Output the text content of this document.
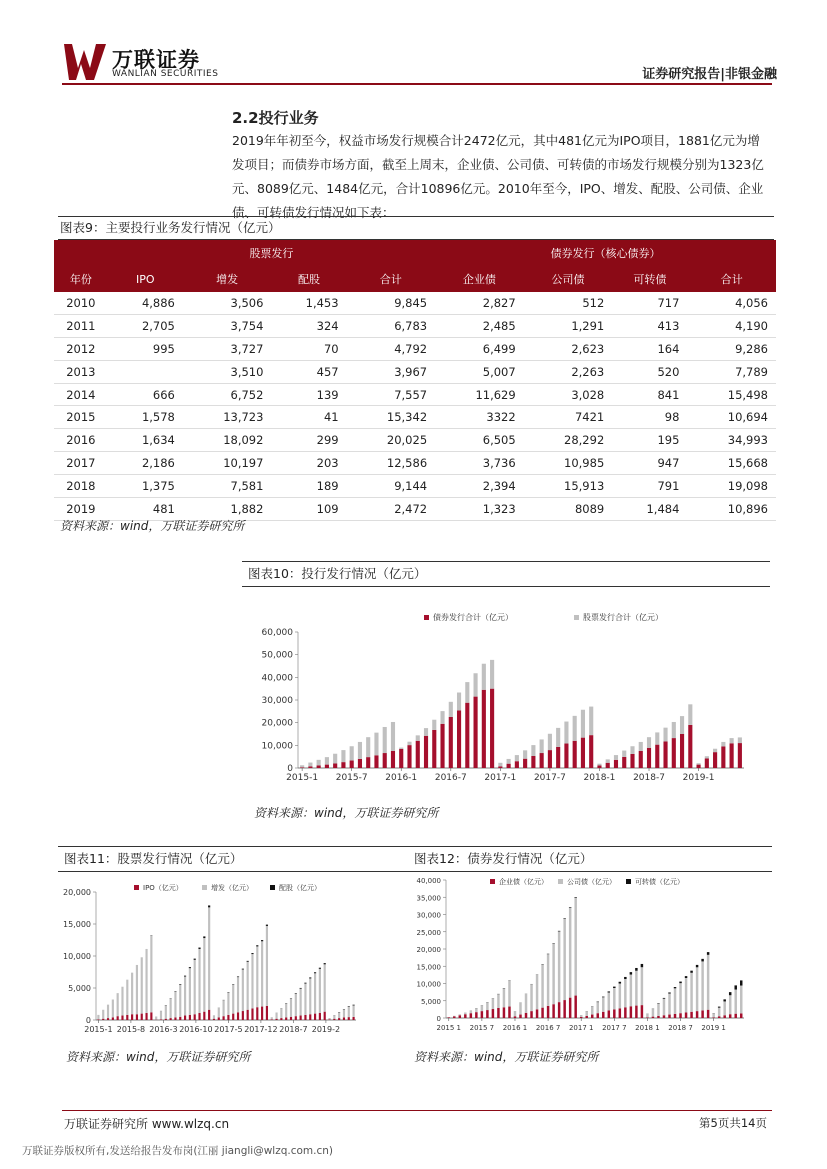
万联证券
WANLIAN SECURITIES	证券研究报告|非银金融
2.2投行业务
2019年年初至今，权益市场发行规模合计2472亿元，其中481亿元为IPO项目，1881亿元为增发项目；而债券市场方面，截至上周末，企业债、公司债、可转债的市场发行规模分别为1323亿元、8089亿元、1484亿元，合计10896亿元。2010年至今，IPO、增发、配股、公司债、企业债、可转债发行情况如下表：
图表9：主要投行业务发行情况（亿元）
	股票发行				债券发行（核心债券）			
年份	IPO	增发	配股	合计	企业债	公司债	可转债	合计
2010	4,886	3,506	1,453	9,845	2,827	512	717	4,056
2011	2,705	3,754	324	6,783	2,485	1,291	413	4,190
2012	995	3,727	70	4,792	6,499	2,623	164	9,286
2013		3,510	457	3,967	5,007	2,263	520	7,789
2014	666	6,752	139	7,557	11,629	3,028	841	15,498
2015	1,578	13,723	41	15,342	3322	7421	98	10,694
2016	1,634	18,092	299	20,025	6,505	28,292	195	34,993
2017	2,186	10,197	203	12,586	3,736	10,985	947	15,668
2018	1,375	7,581	189	9,144	2,394	15,913	791	19,098
2019	481	1,882	109	2,472	1,323	8089	1,484	10,896
资料来源：wind，万联证券研究所
图表10：投行发行情况（亿元）
0
10,000
20,000
30,000
40,000
50,000
60,000
2015-1 2015-7 2016-1 2016-7 2017-1 2017-7 2018-1 2018-7 2019-1
债券发行合计（亿元）	股票发行合计（亿元）
资料来源：wind，万联证券研究所
图表11：股票发行情况（亿元）
0
5,000
10,000
15,000
20,000
2015-1 2015-8 2016-3 2016-10 2017-5 2017-12 2018-7 2019-2
IPO（亿元）	增发（亿元）	配股（亿元）
资料来源：wind，万联证券研究所
图表12：债券发行情况（亿元）
0
5,000
10,000
15,000
20,000
25,000
30,000
35,000
40,000
2015 1 2015 7 2016 1 2016 7 2017 1 2017 7 2018 1 2018 7 2019 1
企业债（亿元）	公司债（亿元）	可转债（亿元）
资料来源：wind，万联证券研究所
万联证券研究所 www.wlzq.cn	第5页共14页
万联证券版权所有,发送给报告发布岗(江丽 jiangli@wlzq.com.cn)
